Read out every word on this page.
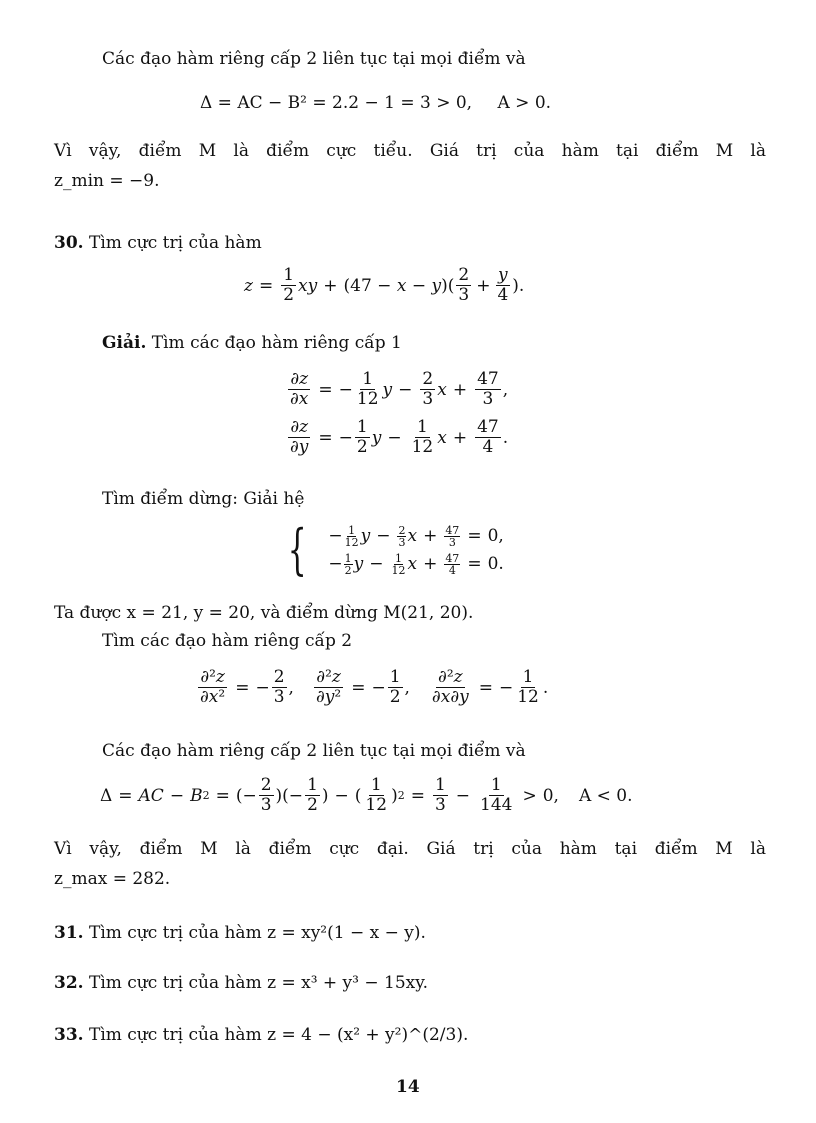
Các đạo hàm riêng cấp 2 liên tục tại mọi điểm và
Δ = AC − B² = 2.2 − 1 = 3 > 0, A > 0.
Vì vậy, điểm M là điểm cực tiểu. Giá trị của hàm tại điểm M là
z_min = −9.
30. Tìm cực trị của hàm
$z = \frac{1}{2}$ xy + $(47 - x - y)( \frac{2}{3} + \frac{y}{4}$ ).
Giải. Tìm các đạo hàm riêng cấp 1
$\frac{\partial z}{\partial x}$ = − $\frac{1}{12}$ $y - \frac{2}{3}$ $x + \frac{47}{3}$ ,
$\frac{\partial z}{\partial y}$ = − $\frac{1}{2}$ $y - \frac{1}{12}$ $x + \frac{47}{4}$ .
Tìm điểm dừng: Giải hệ
{ − $\frac{1}{12}$ $y - \frac{2}{3}$ $x + \frac{47}{3} = 0$,
− $\frac{1}{2}$ $y - \frac{1}{12}$ $x + \frac{47}{4} = 0$.
Ta được x = 21, y = 20, và điểm dừng M(21, 20).
Tìm các đạo hàm riêng cấp 2
$\frac{\text{∂²z}}{\text{∂x²}}$ = − $\frac{2}{3}$ , $\frac{\text{∂²z}}{\text{∂y²}}$ = − $\frac{1}{2}$ , $\frac{\text{∂²z}}{\partial x\partial y}$ = − $\frac{1}{12}$ .
Các đạo hàm riêng cấp 2 liên tục tại mọi điểm và
Δ = AC − B 2 = (− $\frac{2}{3}$ )(− $\frac{1}{2}$ ) − ( $\frac{1}{12}$ ) $2 = \frac{1}{3} - \frac{1}{144} > 0$, A < 0.
Vì vậy, điểm M là điểm cực đại. Giá trị của hàm tại điểm M là
z_max = 282.
31. Tìm cực trị của hàm z = xy²(1 − x − y).
32. Tìm cực trị của hàm z = x³ + y³ − 15xy.
33. Tìm cực trị của hàm z = 4 − (x² + y²)^(2/3).
14
